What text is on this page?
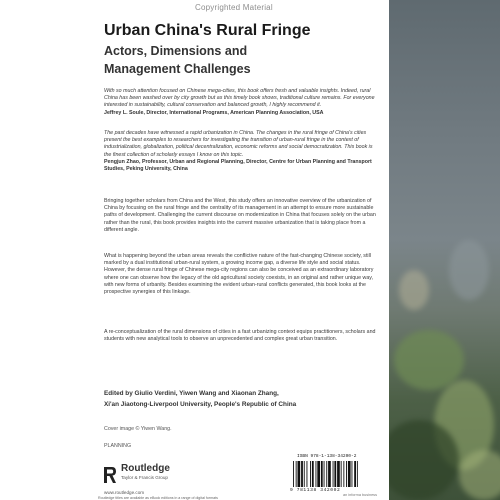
Copyrighted Material
Urban China's Rural Fringe
Actors, Dimensions and
Management Challenges
With so much attention focused on Chinese mega-cities, this book offers fresh and valuable insights. Indeed, rural China has been washed over by city growth but as this timely book shows, traditional culture remains. For everyone interested in sustainability, cultural conservation and balanced growth, I highly recommend it.
Jeffrey L. Soule, Director, International Programs, American Planning Association, USA
The past decades have witnessed a rapid urbanization in China. The changes in the rural fringe of China's cities present the best examples to researchers for investigating the transition of urban-rural fringe in the context of industrialization, globalization, political decentralization, economic reforms and social democratization. This book is the finest collection of scholarly essays I know on this topic.
Pengjun Zhao, Professor, Urban and Regional Planning, Director, Centre for Urban Planning and Transport Studies, Peking University, China
Bringing together scholars from China and the West, this study offers an innovative overview of the urbanization of China by focusing on the rural fringe and the centrality of its management in an attempt to ensure more sustainable paths of development. Challenging the current discourse on modernization in China that focuses solely on the urban rather than the rural, this book provides insights into the current massive urbanization that is taking place from a different angle.
What is happening beyond the urban areas reveals the conflictive nature of the fast-changing Chinese society, still marked by a dual institutional urban-rural system, a growing income gap, a diverse life style and social status. However, the dense rural fringe of Chinese mega-city regions can also be conceived as an extraordinary laboratory where one can observe how the legacy of the old agricultural society coexists, in an original and rather unique way, with new forms of urbanity. Besides examining the evident urban-rural conflicts generated, this book looks at the prospective synergies of this linkage.
A re-conceptualization of the rural dimensions of cities in a fast urbanizing context equips practitioners, scholars and students with new analytical tools to observe an unprecedented and complex great urban transition.
Edited by Giulio Verdini, Yiwen Wang and Xiaonan Zhang,
Xi'an Jiaotong-Liverpool University, People's Republic of China
Cover image © Yiwen Wang.
PLANNING
Routledge
Taylor & Francis Group
www.routledge.com
Routledge titles are available as eBook editions in a range of digital formats
ISBN 978-1-138-34200-2
9 781138 342002
an informa business
